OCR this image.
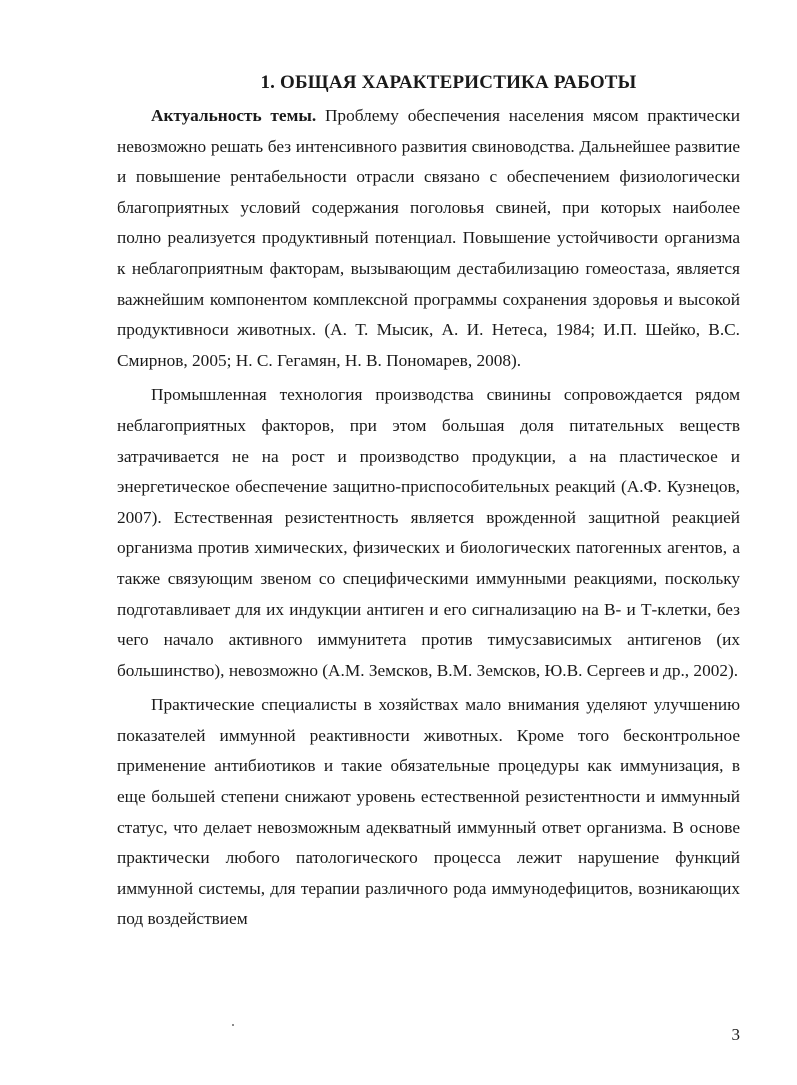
1. ОБЩАЯ ХАРАКТЕРИСТИКА РАБОТЫ

Актуальность темы. Проблему обеспечения населения мясом практически невозможно решать без интенсивного развития свиноводства. Дальнейшее развитие и повышение рентабельности отрасли связано с обеспечением физиологически благоприятных условий содержания поголовья свиней, при которых наиболее полно реализуется продуктивный потенциал. Повышение устойчивости организма к неблагоприятным факторам, вызывающим дестабилизацию гомеостаза, является важнейшим компонентом комплексной программы сохранения здоровья и высокой продуктивноси животных. (А. Т. Мысик, А. И. Нетеса, 1984; И.П. Шейко, В.С. Смирнов, 2005; Н. С. Гегамян, Н. В. Пономарев, 2008).

Промышленная технология производства свинины сопровождается рядом неблагоприятных факторов, при этом большая доля питательных веществ затрачивается не на рост и производство продукции, а на пластическое и энергетическое обеспечение защитно-приспособительных реакций (А.Ф. Кузнецов, 2007). Естественная резистентность является врожденной защитной реакцией организма против химических, физических и биологических патогенных агентов, а также связующим звеном со специфическими иммунными реакциями, поскольку подготавливает для их индукции антиген и его сигнализацию на В- и Т-клетки, без чего начало активного иммунитета против тимусзависимых антигенов (их большинство), невозможно (А.М. Земсков, В.М. Земсков, Ю.В. Сергеев и др., 2002).

Практические специалисты в хозяйствах мало внимания уделяют улучшению показателей иммунной реактивности животных. Кроме того бесконтрольное применение антибиотиков и такие обязательные процедуры как иммунизация, в еще большей степени снижают уровень естественной резистентности и иммунный статус, что делает невозможным адекватный иммунный ответ организма. В основе практически любого патологического процесса лежит нарушение функций иммунной системы, для терапии различного рода иммунодефицитов, возникающих под воздействием

3
